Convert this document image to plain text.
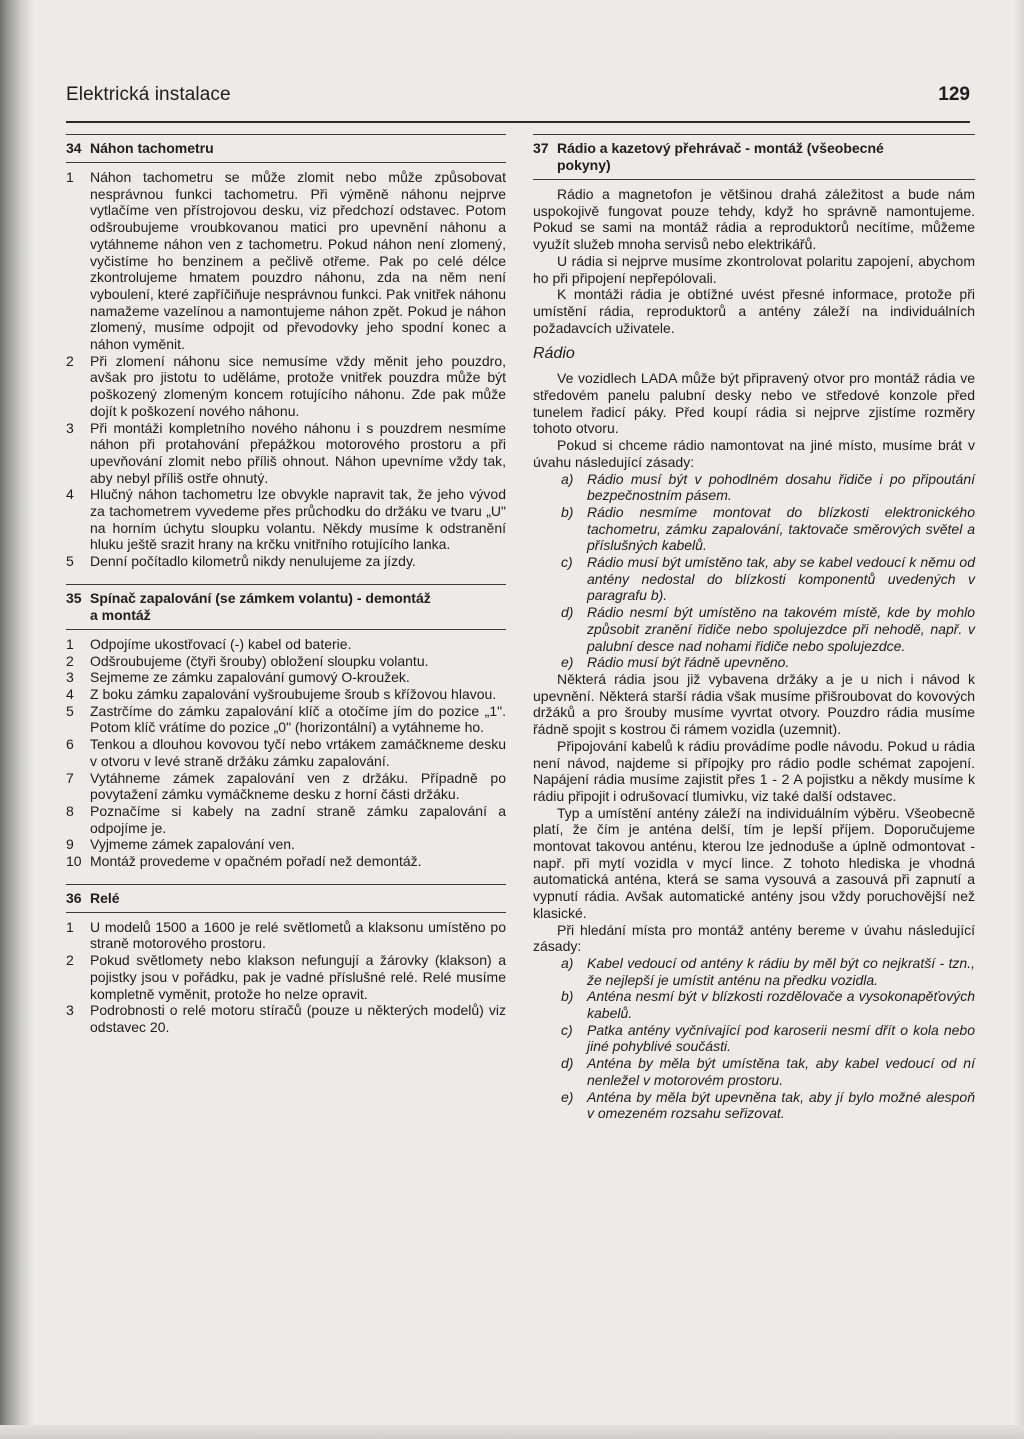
Elektrická instalace	129
34 Náhon tachometru

1 Náhon tachometru se může zlomit nebo může způsobovat nesprávnou funkci tachometru. Při výměně náhonu nejprve vytlačíme ven přístrojovou desku, viz předchozí odstavec. Potom odšroubujeme vroubkovanou matici pro upevnění náhonu a vytáhneme náhon ven z tachometru. Pokud náhon není zlomený, vyčistíme ho benzinem a pečlivě otřeme. Pak po celé délce zkontrolujeme hmatem pouzdro náhonu, zda na něm není vyboulení, které zapříčiňuje nesprávnou funkci. Pak vnitřek náhonu namažeme vazelínou a namontujeme náhon zpět. Pokud je náhon zlomený, musíme odpojit od převodovky jeho spodní konec a náhon vyměnit.

2 Při zlomení náhonu sice nemusíme vždy měnit jeho pouzdro, avšak pro jistotu to uděláme, protože vnitřek pouzdra může být poškozený zlomeným koncem rotujícího náhonu. Zde pak může dojít k poškození nového náhonu.

3 Při montáži kompletního nového náhonu i s pouzdrem nesmíme náhon při protahování přepážkou motorového prostoru a při upevňování zlomit nebo příliš ohnout. Náhon upevníme vždy tak, aby nebyl příliš ostře ohnutý.

4 Hlučný náhon tachometru lze obvykle napravit tak, že jeho vývod za tachometrem vyvedeme přes průchodku do držáku ve tvaru „U" na horním úchytu sloupku volantu. Někdy musíme k odstranění hluku ještě srazit hrany na krčku vnitřního rotujícího lanka.

5 Denní počítadlo kilometrů nikdy nenulujeme za jízdy.

35 Spínač zapalování (se zámkem volantu) - demontáž
a montáž

1 Odpojíme ukostřovací (-) kabel od baterie.

2 Odšroubujeme (čtyři šrouby) obložení sloupku volantu.

3 Sejmeme ze zámku zapalování gumový O-kroužek.

4 Z boku zámku zapalování vyšroubujeme šroub s křížovou hlavou.

5 Zastrčíme do zámku zapalování klíč a otočíme jím do pozice „1". Potom klíč vrátíme do pozice „0" (horizontální) a vytáhneme ho.

6 Tenkou a dlouhou kovovou tyčí nebo vrtákem zamáčkneme desku v otvoru v levé straně držáku zámku zapalování.

7 Vytáhneme zámek zapalování ven z držáku. Případně po povytažení zámku vymáčkneme desku z horní části držáku.

8 Poznačíme si kabely na zadní straně zámku zapalování a odpojíme je.

9 Vyjmeme zámek zapalování ven.

10 Montáž provedeme v opačném pořadí než demontáž.

36 Relé

1 U modelů 1500 a 1600 je relé světlometů a klaksonu umístěno po straně motorového prostoru.

2 Pokud světlomety nebo klakson nefungují a žárovky (klakson) a pojistky jsou v pořádku, pak je vadné příslušné relé. Relé musíme kompletně vyměnit, protože ho nelze opravit.

3 Podrobnosti o relé motoru stíračů (pouze u některých modelů) viz odstavec 20.

37 Rádio a kazetový přehrávač - montáž (všeobecné
pokyny)

Rádio a magnetofon je většinou drahá záležitost a bude nám uspokojivě fungovat pouze tehdy, když ho správně namontujeme. Pokud se sami na montáž rádia a reproduktorů necítíme, můžeme využít služeb mnoha servisů nebo elektrikářů.

U rádia si nejprve musíme zkontrolovat polaritu zapojení, abychom ho při připojení nepřepólovali.

K montáži rádia je obtížné uvést přesné informace, protože při umístění rádia, reproduktorů a antény záleží na individuálních požadavcích uživatele.

Rádio

Ve vozidlech LADA může být připravený otvor pro montáž rádia ve středovém panelu palubní desky nebo ve středové konzole před tunelem řadicí páky. Před koupí rádia si nejprve zjistíme rozměry tohoto otvoru.

Pokud si chceme rádio namontovat na jiné místo, musíme brát v úvahu následující zásady:

a) Rádio musí být v pohodlném dosahu řidiče i po připoutání bezpečnostním pásem.

b) Rádio nesmíme montovat do blízkosti elektronického tachometru, zámku zapalování, taktovače směrových světel a příslušných kabelů.

c) Rádio musí být umístěno tak, aby se kabel vedoucí k němu od antény nedostal do blízkosti komponentů uvedených v paragrafu b).

d) Rádio nesmí být umístěno na takovém místě, kde by mohlo způsobit zranění řidiče nebo spolujezdce při nehodě, např. v palubní desce nad nohami řidiče nebo spolujezdce.

e) Rádio musí být řádně upevněno.

Některá rádia jsou již vybavena držáky a je u nich i návod k upevnění. Některá starší rádia však musíme přišroubovat do kovových držáků a pro šrouby musíme vyvrtat otvory. Pouzdro rádia musíme řádně spojit s kostrou či rámem vozidla (uzemnit).

Připojování kabelů k rádiu provádíme podle návodu. Pokud u rádia není návod, najdeme si přípojky pro rádio podle schémat zapojení. Napájení rádia musíme zajistit přes 1 - 2 A pojistku a někdy musíme k rádiu připojit i odrušovací tlumivku, viz také další odstavec.

Typ a umístění antény záleží na individuálním výběru. Všeobecně platí, že čím je anténa delší, tím je lepší příjem. Doporučujeme montovat takovou anténu, kterou lze jednoduše a úplně odmontovat - např. při mytí vozidla v mycí lince. Z tohoto hlediska je vhodná automatická anténa, která se sama vysouvá a zasouvá při zapnutí a vypnutí rádia. Avšak automatické antény jsou vždy poruchovější než klasické.

Při hledání místa pro montáž antény bereme v úvahu následující zásady:

a) Kabel vedoucí od antény k rádiu by měl být co nejkratší - tzn., že nejlepší je umístit anténu na předku vozidla.

b) Anténa nesmí být v blízkosti rozdělovače a vysokonapěťových kabelů.

c) Patka antény vyčnívající pod karoserii nesmí dřít o kola nebo jiné pohyblivé součásti.

d) Anténa by měla být umístěna tak, aby kabel vedoucí od ní nenležel v motorovém prostoru.

e) Anténa by měla být upevněna tak, aby jí bylo možné alespoň v omezeném rozsahu seřizovat.
